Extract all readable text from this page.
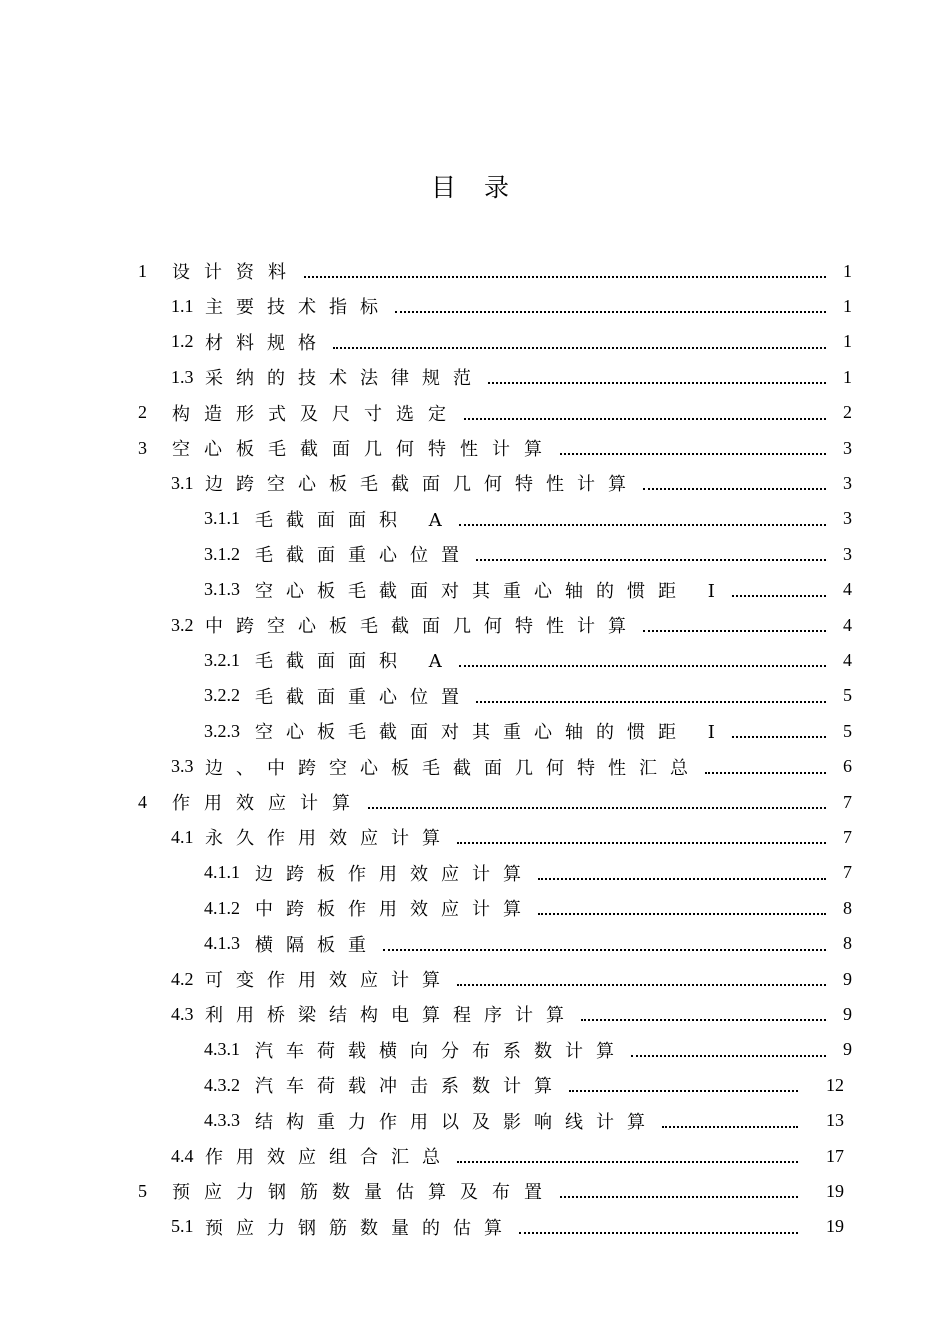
目 录
1	设计资料	1
1.1 主要技术指标	1
1.2 材料规格	1
1.3 采纳的技术法律规范	1
2	构造形式及尺寸选定	2
3	空心板毛截面几何特性计算	3
3.1 边跨空心板毛截面几何特性计算	3
3.1.1 毛截面面积 A	3
3.1.2 毛截面重心位置	3
3.1.3 空心板毛截面对其重心轴的惯距 I	4
3.2 中跨空心板毛截面几何特性计算	4
3.2.1 毛截面面积 A	4
3.2.2 毛截面重心位置	5
3.2.3 空心板毛截面对其重心轴的惯距 I	5
3.3 边、中跨空心板毛截面几何特性汇总	6
4	作用效应计算	7
4.1 永久作用效应计算	7
4.1.1 边跨板作用效应计算	7
4.1.2 中跨板作用效应计算	8
4.1.3 横隔板重	8
4.2 可变作用效应计算	9
4.3 利用桥梁结构电算程序计算	9
4.3.1 汽车荷载横向分布系数计算	9
4.3.2 汽车荷载冲击系数计算	12
4.3.3 结构重力作用以及影响线计算	13
4.4 作用效应组合汇总	17
5	预应力钢筋数量估算及布置	19
5.1 预应力钢筋数量的估算	19
